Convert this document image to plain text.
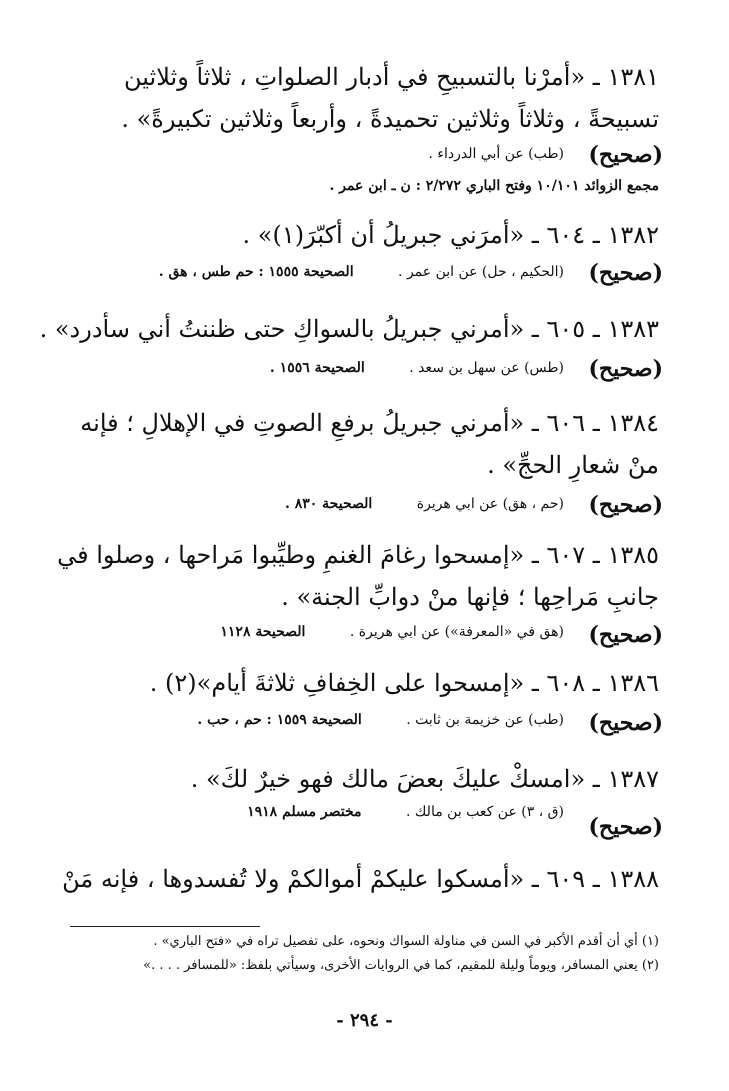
١٣٨١ ـ «أمرْنا بالتسبيحِ في أدبار الصلواتِ ، ثلاثاً وثلاثين
تسبيحةً ، وثلاثاً وثلاثين تحميدةً ، وأربعاً وثلاثين تكبيرةً» .
(صحيح)
(طب) عن أبي الدرداء .
مجمع الزوائد ١٠/١٠١ وفتح الباري ٢/٢٧٢ : ن ـ ابن عمر .
١٣٨٢ ـ ٦٠٤ ـ «أمرَني جبريلُ أن أكبّرَ(١)» .
(صحيح)
(الحكيم ، حل) عن ابن عمر . الصحيحة ١٥٥٥ : حم طس ، هق .
١٣٨٣ ـ ٦٠٥ ـ «أمرني جبريلُ بالسواكِ حتى ظننتُ أني سأدرد» .
(صحيح)
(طس) عن سهل بن سعد . الصحيحة ١٥٥٦ .
١٣٨٤ ـ ٦٠٦ ـ «أمرني جبريلُ برفعِ الصوتِ في الإهلالِ ؛ فإنه
منْ شعارِ الحجِّ» .
(صحيح)
(حم ، هق) عن ابي هريرة الصحيحة ٨٣٠ .
١٣٨٥ ـ ٦٠٧ ـ «إمسحوا رغامَ الغنمِ وطيِّبوا مَراحها ، وصلوا في
جانبِ مَراحِها ؛ فإنها منْ دوابِّ الجنة» .
(صحيح)
(هق في «المعرفة») عن ابي هريرة . الصحيحة ١١٢٨
١٣٨٦ ـ ٦٠٨ ـ «إمسحوا على الخِفافِ ثلاثةَ أيام»(٢) .
(صحيح)
(طب) عن خزيمة بن ثابت . الصحيحة ١٥٥٩ : حم ، حب .
١٣٨٧ ـ «امسكْ عليكَ بعضَ مالك فهو خيرٌ لكَ» .
(ق ، ٣) عن كعب بن مالك . مختصر مسلم ١٩١٨
(صحيح)
١٣٨٨ ـ ٦٠٩ ـ «أمسكوا عليكمْ أموالكمْ ولا تُفسدوها ، فإنه مَنْ
(١) أي أن أقدم الأكبر في السن في مناولة السواك ونحوه، على تفصيل تراه في «فتح الباري» .
(٢) يعني المسافر، ويوماً وليلة للمقيم، كما في الروايات الأخرى، وسيأتي بلفظ: «للمسافر . . . .»
- ٢٩٤ -
